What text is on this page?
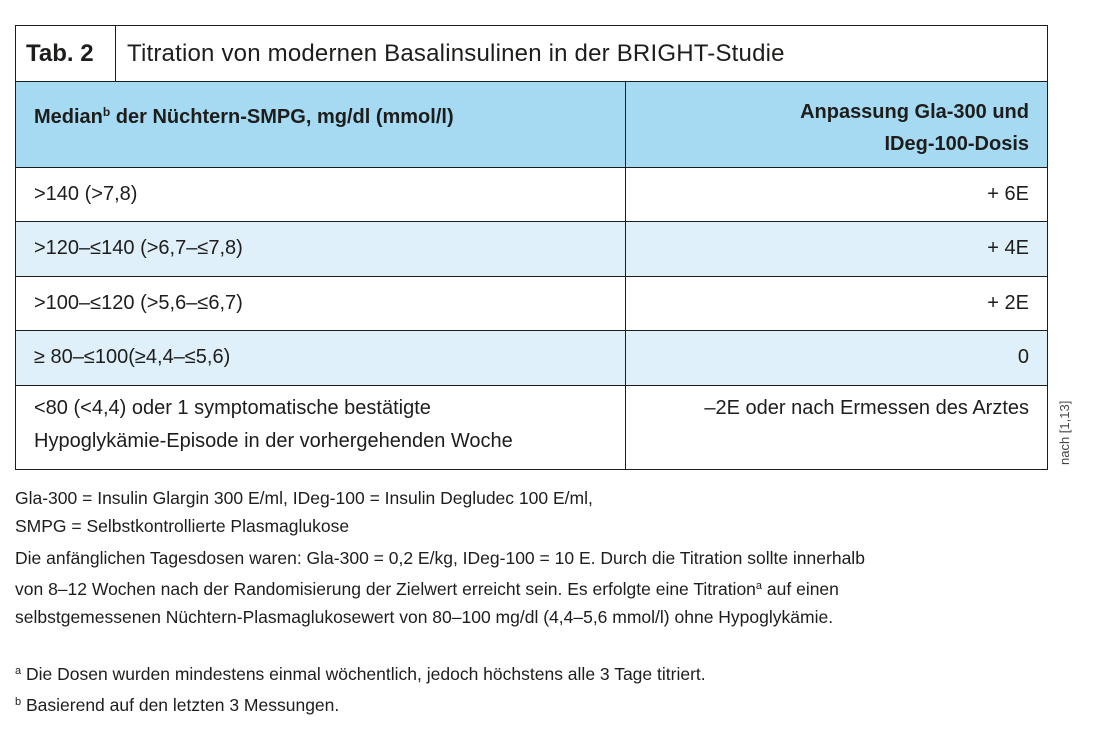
Tab. 2	Titration von modernen Basalinsulinen in der BRIGHT-Studie
Median$^b$ der Nüchtern-SMPG, mg/dl (mmol/l)	Anpassung Gla-300 und
IDeg-100-Dosis
>140 (>7,8)	+ 6E
>120–≤140 (>6,7–≤7,8)	+ 4E
>100–≤120 (>5,6–≤6,7)	+ 2E
≥ 80–≤100(≥4,4–≤5,6)	0
<80 (<4,4) oder 1 symptomatische bestätigte
Hypoglykämie-Episode in der vorhergehenden Woche	–2E oder nach Ermessen des Arztes nach [1,13]

Gla-300 = Insulin Glargin 300 E/ml, IDeg-100 = Insulin Degludec 100 E/ml,
SMPG = Selbstkontrollierte Plasmaglukose

Die anfänglichen Tagesdosen waren: Gla-300 = 0,2 E/kg, IDeg-100 = 10 E. Durch die Titration sollte innerhalb
von 8–12 Wochen nach der Randomisierung der Zielwert erreicht sein. Es erfolgte eine Titration$^a$ auf einen
selbstgemessenen Nüchtern-Plasmaglukosewert von 80–100 mg/dl (4,4–5,6 mmol/l) ohne Hypoglykämie.

$^a$ Die Dosen wurden mindestens einmal wöchentlich, jedoch höchstens alle 3 Tage titriert.

$^b$ Basierend auf den letzten 3 Messungen.
